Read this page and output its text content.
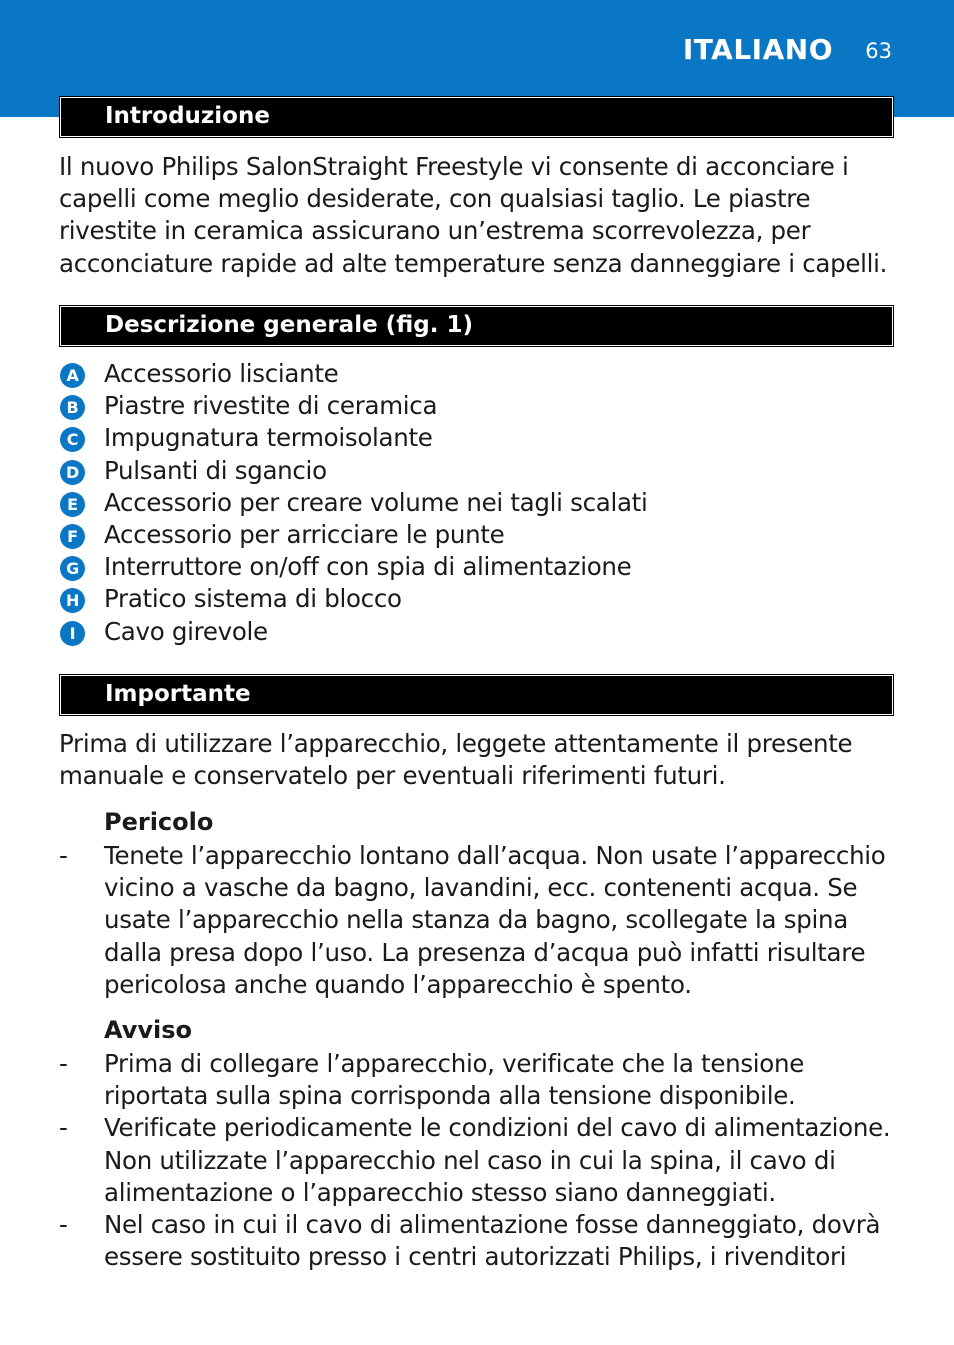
ITALIANO 63
Introduzione
Il nuovo Philips SalonStraight Freestyle vi consente di acconciare i capelli come meglio desiderate, con qualsiasi taglio. Le piastre rivestite in ceramica assicurano un’estrema scorrevolezza, per acconciature rapide ad alte temperature senza danneggiare i capelli.
Descrizione generale (fig. 1)
A Accessorio lisciante
B Piastre rivestite di ceramica
C Impugnatura termoisolante
D Pulsanti di sgancio
E Accessorio per creare volume nei tagli scalati
F Accessorio per arricciare le punte
G Interruttore on/off con spia di alimentazione
H Pratico sistema di blocco
I	Cavo girevole
Importante
Prima di utilizzare l’apparecchio, leggete attentamente il presente manuale e conservatelo per eventuali riferimenti futuri.
Pericolo
- Tenete l’apparecchio lontano dall’acqua. Non usate l’apparecchio vicino a vasche da bagno, lavandini, ecc. contenenti acqua. Se usate l’apparecchio nella stanza da bagno, scollegate la spina dalla presa dopo l’uso. La presenza d’acqua può infatti risultare pericolosa anche quando l’apparecchio è spento.
Avviso
- Prima di collegare l’apparecchio, verificate che la tensione riportata sulla spina corrisponda alla tensione disponibile.
- Verificate periodicamente le condizioni del cavo di alimentazione. Non utilizzate l’apparecchio nel caso in cui la spina, il cavo di alimentazione o l’apparecchio stesso siano danneggiati.
- Nel caso in cui il cavo di alimentazione fosse danneggiato, dovrà essere sostituito presso i centri autorizzati Philips, i rivenditori
